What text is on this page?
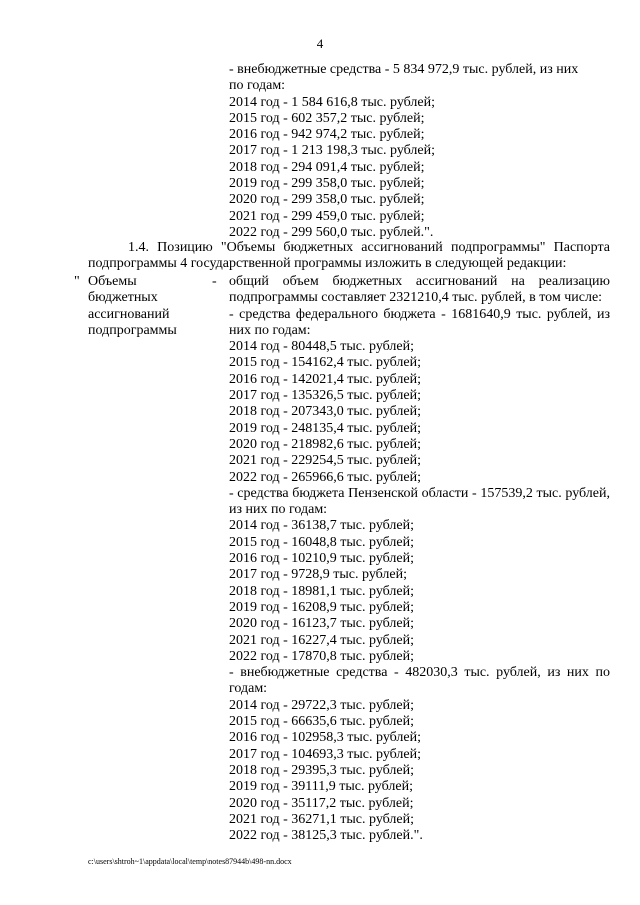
4
- внебюджетные средства - 5 834 972,9 тыс. рублей, из них
по годам:
2014 год - 1 584 616,8 тыс. рублей;
2015 год - 602 357,2 тыс. рублей;
2016 год - 942 974,2 тыс. рублей;
2017 год - 1 213 198,3 тыс. рублей;
2018 год - 294 091,4 тыс. рублей;
2019 год - 299 358,0 тыс. рублей;
2020 год - 299 358,0 тыс. рублей;
2021 год - 299 459,0 тыс. рублей;
2022 год - 299 560,0 тыс. рублей.".
1.4. Позицию "Объемы бюджетных ассигнований подпрограммы" Паспорта подпрограммы 4 государственной программы изложить в следующей редакции:
" Объемы
бюджетных
ассигнований
подпрограммы
- общий объем бюджетных ассигнований на реализацию подпрограммы составляет 2321210,4 тыс. рублей, в том числе:
- средства федерального бюджета - 1681640,9 тыс. рублей, из них по годам:
2014 год - 80448,5 тыс. рублей;
2015 год - 154162,4 тыс. рублей;
2016 год - 142021,4 тыс. рублей;
2017 год - 135326,5 тыс. рублей;
2018 год - 207343,0 тыс. рублей;
2019 год - 248135,4 тыс. рублей;
2020 год - 218982,6 тыс. рублей;
2021 год - 229254,5 тыс. рублей;
2022 год - 265966,6 тыс. рублей;
- средства бюджета Пензенской области - 157539,2 тыс. рублей, из них по годам:
2014 год - 36138,7 тыс. рублей;
2015 год - 16048,8 тыс. рублей;
2016 год - 10210,9 тыс. рублей;
2017 год - 9728,9 тыс. рублей;
2018 год - 18981,1 тыс. рублей;
2019 год - 16208,9 тыс. рублей;
2020 год - 16123,7 тыс. рублей;
2021 год - 16227,4 тыс. рублей;
2022 год - 17870,8 тыс. рублей;
- внебюджетные средства - 482030,3 тыс. рублей, из них по годам:
2014 год - 29722,3 тыс. рублей;
2015 год - 66635,6 тыс. рублей;
2016 год - 102958,3 тыс. рублей;
2017 год - 104693,3 тыс. рублей;
2018 год - 29395,3 тыс. рублей;
2019 год - 39111,9 тыс. рублей;
2020 год - 35117,2 тыс. рублей;
2021 год - 36271,1 тыс. рублей;
2022 год - 38125,3 тыс. рублей.".
c:\users\shtroh~1\appdata\local\temp\notes87944b\498-nn.docx
